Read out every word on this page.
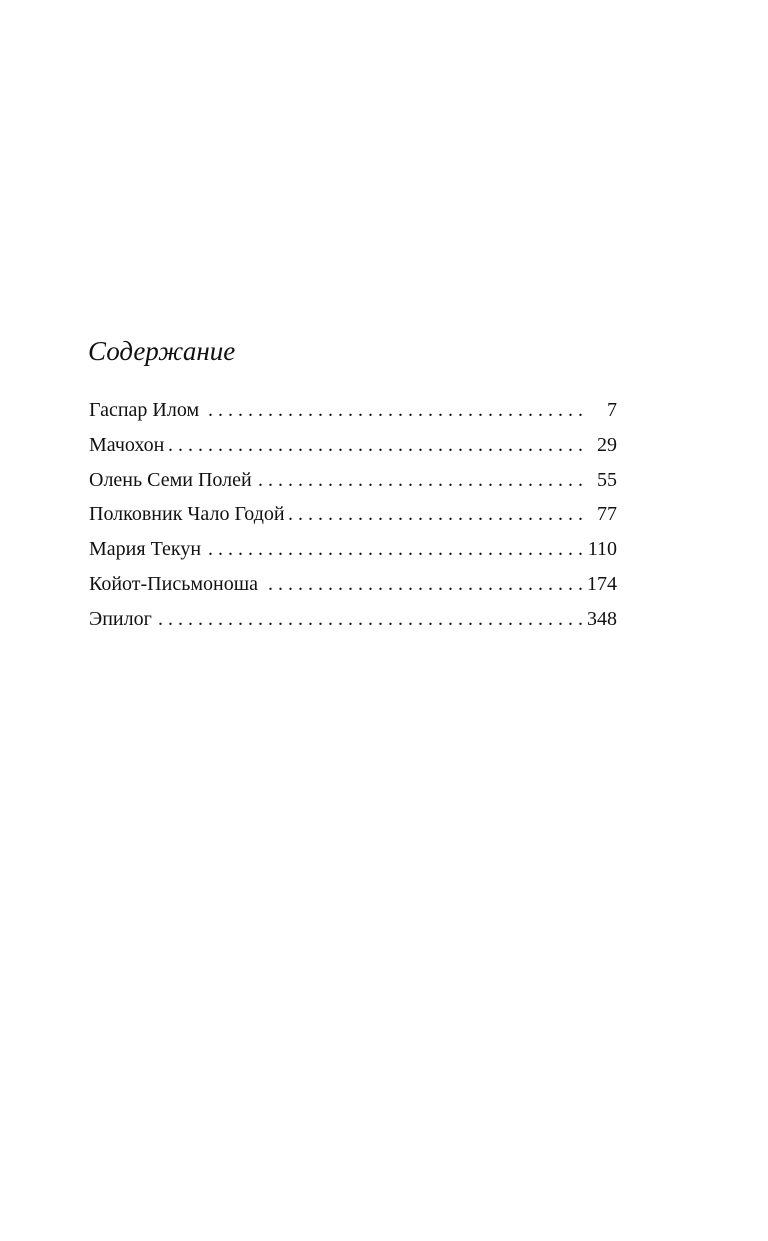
Содержание
Гаспар Илом . . .	7
Мачохон . . .	29
Олень Семи Полей . . .	55
Полковник Чало Годой . . .	77
Мария Текун . . .	110
Койот-Письмоноша . . .	174
Эпилог . . .	348
